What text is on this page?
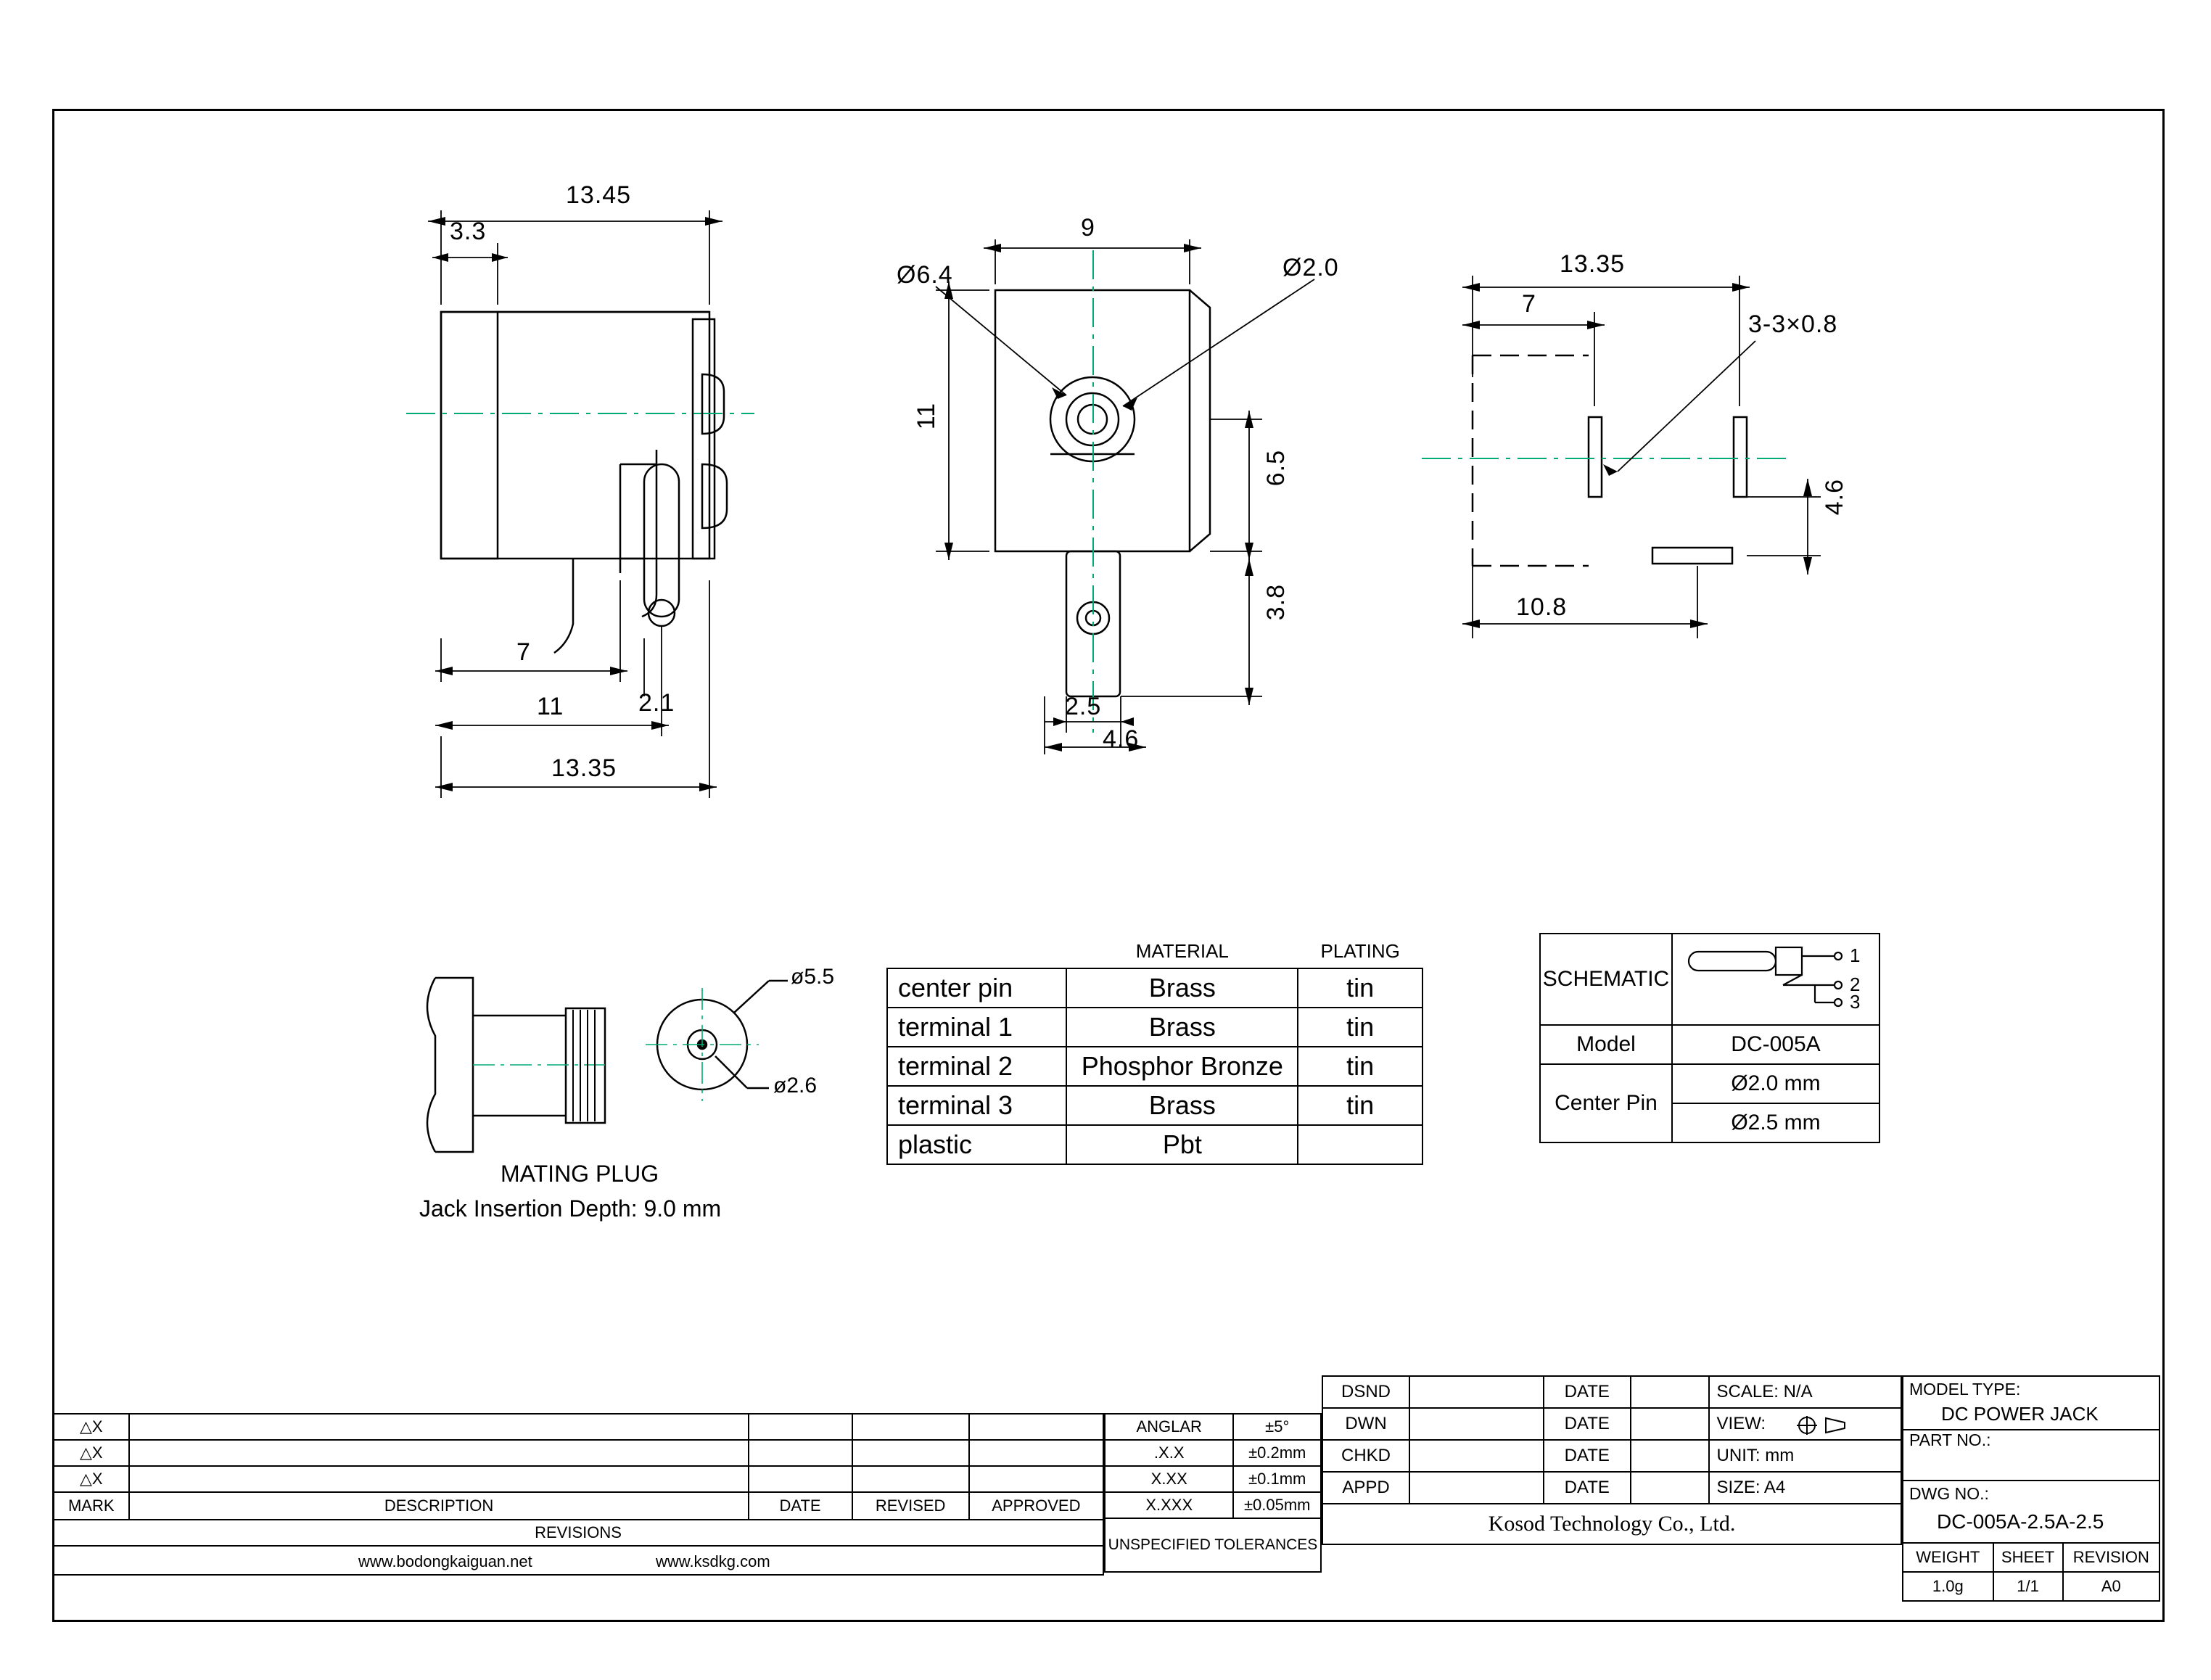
13.45
3.3
7
2.1
11
13.35
9
Ø6.4	Ø2.0
11
6.5
3.8
2.5
4.6
13.35
7
3-3×0.8
4.6
10.8
ø5.5
ø2.6
MATING PLUG
Jack Insertion Depth: 9.0 mm
	MATERIAL	PLATING
center pin	Brass	tin
terminal 1	Brass	tin
terminal 2	Phosphor Bronze	tin
terminal 3	Brass	tin
plastic	Pbt	
SCHEMATIC	1
2
3

Model	DC-005A
Center Pin	Ø2.0 mm
	Ø2.5 mm
△X				
△X				
△X				
MARK	DESCRIPTION	DATE	REVISED	APPROVED
REVISIONS				

www.bodongkaiguan.net www.ksdkg.com				
ANGLAR	±5°
.X.X	±0.2mm
X.XX	±0.1mm
X.XXX	±0.05mm
UNSPECIFIED TOLERANCES	
DSND		DATE		SCALE: N/A
DWN		DATE		VIEW:

CHKD		DATE		UNIT: mm
APPD		DATE		SIZE: A4
Kosod Technology Co., Ltd.				
MODEL TYPE:
DC POWER JACK		

PART NO.:		

DWG NO.:
DC-005A-2.5A-2.5		

WEIGHT	SHEET	REVISION
1.0g	1/1	A0
